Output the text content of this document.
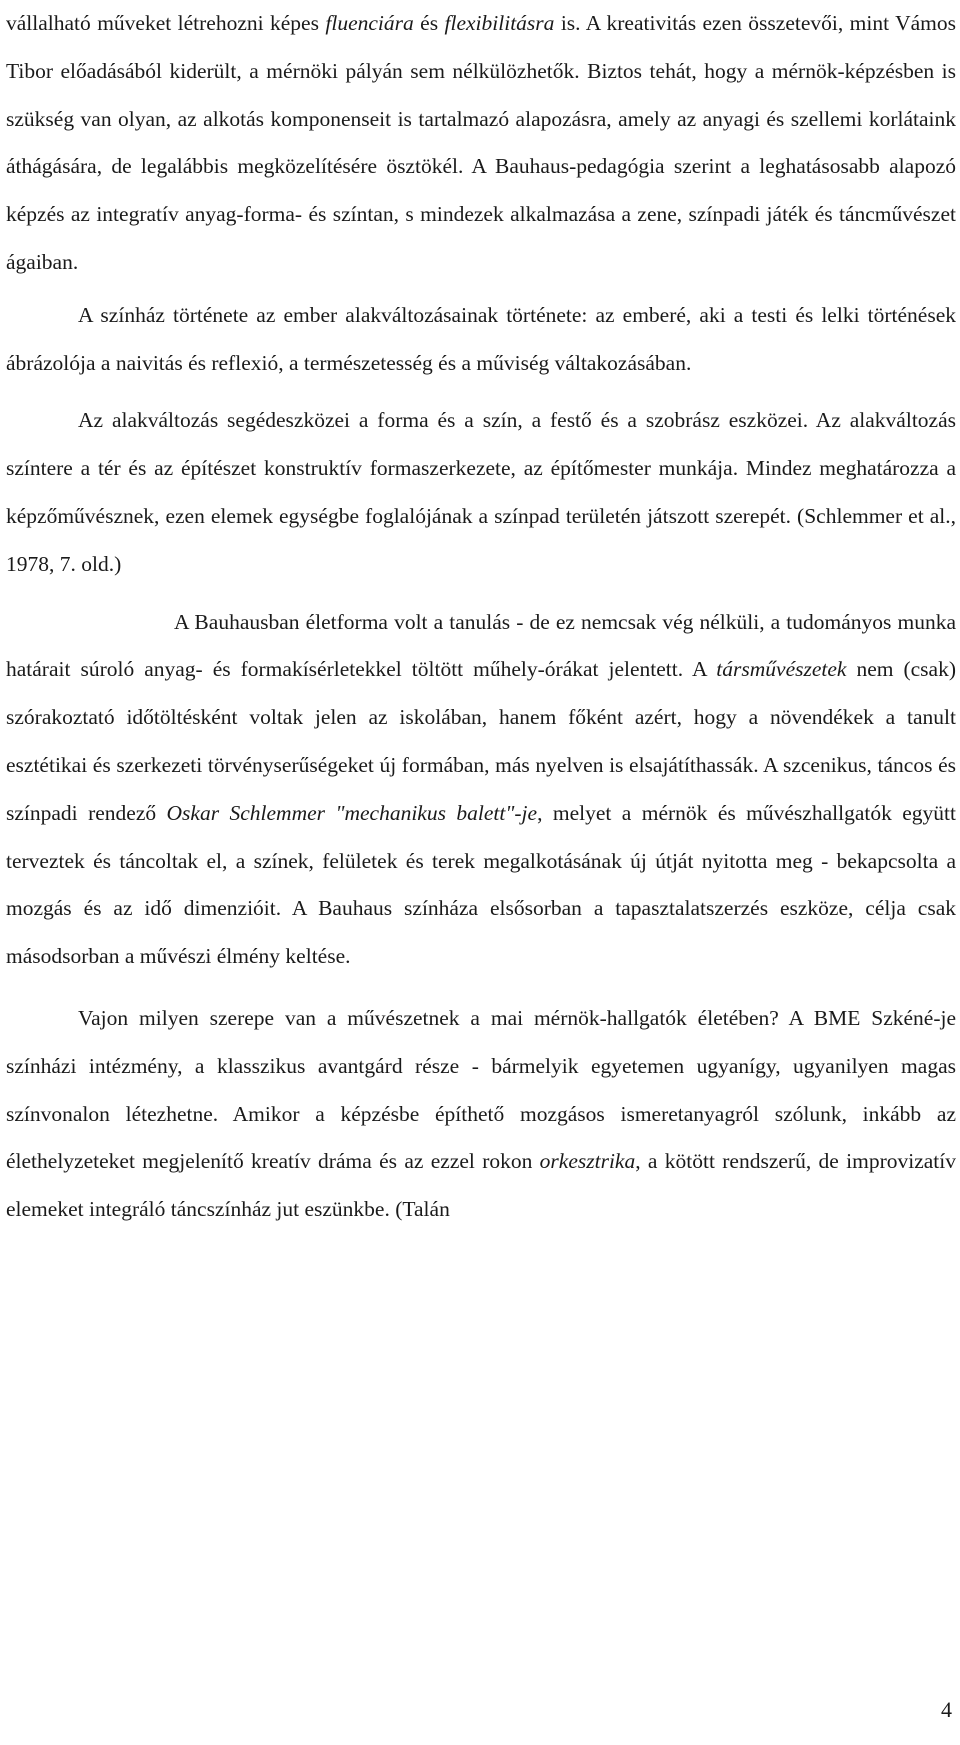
vállalható műveket létrehozni képes fluenciára és flexibilitásra is. A kreativitás ezen összetevői, mint Vámos Tibor előadásából kiderült, a mérnöki pályán sem nélkülözhetők. Biztos tehát, hogy a mérnök-képzésben is szükség van olyan, az alkotás komponenseit is tartalmazó alapozásra, amely az anyagi és szellemi korlátaink áthágására, de legalábbis megközelítésére ösztökél. A Bauhaus-pedagógia szerint a leghatásosabb alapozó képzés az integratív anyag-forma- és színtan, s mindezek alkalmazása a zene, színpadi játék és táncművészet ágaiban.

A színház története az ember alakváltozásainak története: az emberé, aki a testi és lelki történések ábrázolója a naivitás és reflexió, a természetesség és a műviség váltakozásában.

Az alakváltozás segédeszközei a forma és a szín, a festő és a szobrász eszközei. Az alakváltozás színtere a tér és az építészet konstruktív formaszerkezete, az építőmester munkája. Mindez meghatározza a képzőművésznek, ezen elemek egységbe foglalójának a színpad területén játszott szerepét. (Schlemmer et al., 1978, 7. old.)

A Bauhausban életforma volt a tanulás - de ez nemcsak vég nélküli, a tudományos munka határait súroló anyag- és formakísérletekkel töltött műhely-órákat jelentett. A társművészetek nem (csak) szórakoztató időtöltésként voltak jelen az iskolában, hanem főként azért, hogy a növendékek a tanult esztétikai és szerkezeti törvényserűségeket új formában, más nyelven is elsajátíthassák. A szcenikus, táncos és színpadi rendező Oskar Schlemmer "mechanikus balett"-je, melyet a mérnök és művészhallgatók együtt terveztek és táncoltak el, a színek, felületek és terek megalkotásának új útját nyitotta meg - bekapcsolta a mozgás és az idő dimenzióit. A Bauhaus színháza elsősorban a tapasztalatszerzés eszköze, célja csak másodsorban a művészi élmény keltése.

Vajon milyen szerepe van a művészetnek a mai mérnök-hallgatók életében? A BME Szkéné-je színházi intézmény, a klasszikus avantgárd része - bármelyik egyetemen ugyanígy, ugyanilyen magas színvonalon létezhetne. Amikor a képzésbe építhető mozgásos ismeretanyagról szólunk, inkább az élethelyzeteket megjelenítő kreatív dráma és az ezzel rokon orkesztrika, a kötött rendszerű, de improvizatív elemeket integráló táncszínház jut eszünkbe. (Talán

4
